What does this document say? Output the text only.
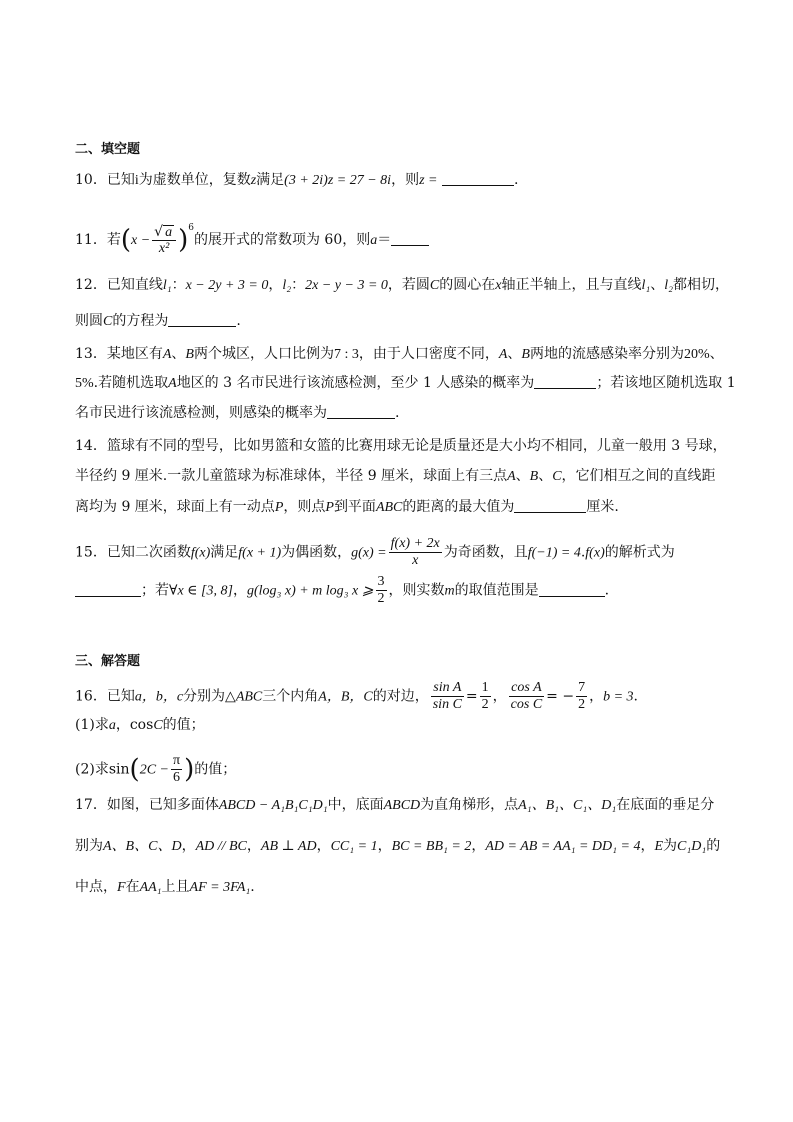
二、填空题
10．已知i为虚数单位，复数z满足(3 + 2i)z = 27 − 8i，则z =	.
11．若$(x - \frac{√ a}{\text{x²}} )^6$的展开式的常数项为 60，则a＝
12．已知直线l₁：x − 2y + 3 = 0，l₂：2x − y − 3 = 0，若圆C的圆心在x轴正半轴上，且与直线l₁、l₂都相切，
则圆C的方程为	.
13．某地区有A、B两个城区，人口比例为7 : 3，由于人口密度不同，A、B两地的流感感染率分别为20%、
5%.若随机选取A地区的 3 名市民进行该流感检测，至少 1 人感染的概率为	；若该地区随机选取 1
名市民进行该流感检测，则感染的概率为	.
14．篮球有不同的型号，比如男篮和女篮的比赛用球无论是质量还是大小均不相同，儿童一般用 3 号球，
半径约 9 厘米.一款儿童篮球为标准球体，半径 9 厘米，球面上有三点A、B、C，它们相互之间的直线距
离均为 9 厘米，球面上有一动点P，则点P到平面ABC的距离的最大值为	厘米.
15．已知二次函数f(x)满足f(x + 1)为偶函数，$g(x) = \frac{f(x) + 2x}{x}$ 为奇函数，且f(−1) = 4.f(x)的解析式为
；若∀x ∈ [3, 8]，g(log₃ x) + m log₃ x ⩾ $\frac{3}{2}$ ，则实数m的取值范围是	.
三、解答题
16．已知a，b，c分别为△ABC三个内角A，B，C的对边， $\frac{\text{sin A}}{\text{sin C}} = \frac{1}{2}$ ， $\frac{\text{cos A}}{\text{cos C}}$ = − $\frac{7}{2}$ ，b = 3.
(1)求a，cosC的值；
(2)求$\sin(2C - \frac{\pi}{6}$ )的值；
17．如图，已知多面体ABCD − A₁B₁C₁D₁中，底面ABCD为直角梯形，点A₁、B₁、C₁、D₁在底面的垂足分
别为A、B、C、D，AD // BC，AB ⊥ AD，CC₁ = 1，BC = BB₁ = 2，AD = AB = AA₁ = DD₁ = 4，E为C₁D₁的
中点，F在AA₁上且AF = 3FA₁.
